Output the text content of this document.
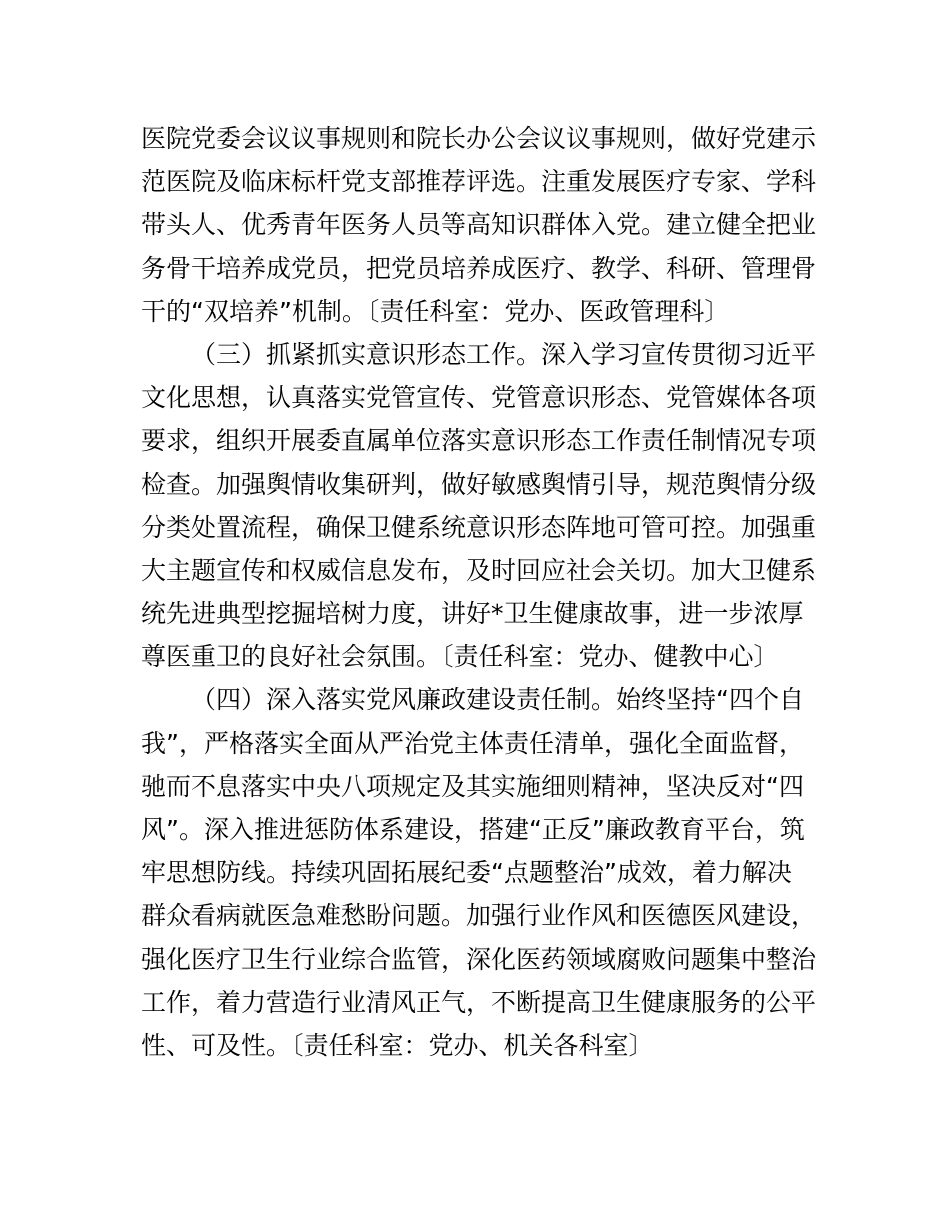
医院党委会议议事规则和院长办公会议议事规则，做好党建示
范医院及临床标杆党支部推荐评选。注重发展医疗专家、学科
带头人、优秀青年医务人员等高知识群体入党。建立健全把业
务骨干培养成党员，把党员培养成医疗、教学、科研、管理骨
干的“双培养”机制。〔责任科室：党办、医政管理科〕
（三）抓紧抓实意识形态工作。深入学习宣传贯彻习近平
文化思想，认真落实党管宣传、党管意识形态、党管媒体各项
要求，组织开展委直属单位落实意识形态工作责任制情况专项
检查。加强舆情收集研判，做好敏感舆情引导，规范舆情分级
分类处置流程，确保卫健系统意识形态阵地可管可控。加强重
大主题宣传和权威信息发布，及时回应社会关切。加大卫健系
统先进典型挖掘培树力度，讲好*卫生健康故事，进一步浓厚
尊医重卫的良好社会氛围。〔责任科室：党办、健教中心〕
（四）深入落实党风廉政建设责任制。始终坚持“四个自
我”，严格落实全面从严治党主体责任清单，强化全面监督，
驰而不息落实中央八项规定及其实施细则精神，坚决反对“四
风”。深入推进惩防体系建设，搭建“正反”廉政教育平台，筑
牢思想防线。持续巩固拓展纪委“点题整治”成效，着力解决
群众看病就医急难愁盼问题。加强行业作风和医德医风建设，
强化医疗卫生行业综合监管，深化医药领域腐败问题集中整治
工作，着力营造行业清风正气，不断提高卫生健康服务的公平
性、可及性。〔责任科室：党办、机关各科室〕
